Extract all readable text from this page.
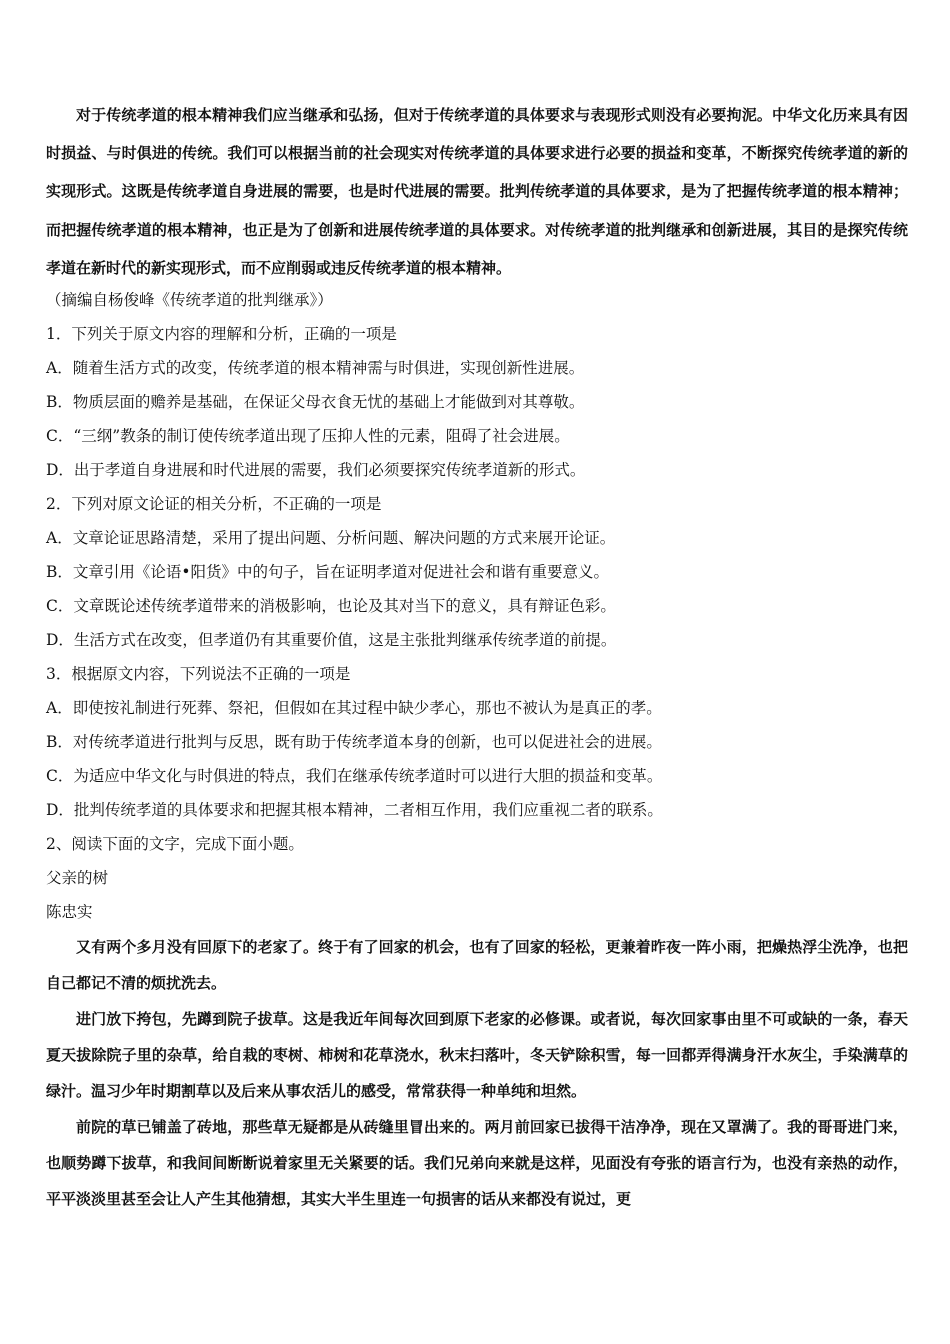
对于传统孝道的根本精神我们应当继承和弘扬，但对于传统孝道的具体要求与表现形式则没有必要拘泥。中华文化历来具有因时损益、与时俱进的传统。我们可以根据当前的社会现实对传统孝道的具体要求进行必要的损益和变革，不断探究传统孝道的新的实现形式。这既是传统孝道自身进展的需要，也是时代进展的需要。批判传统孝道的具体要求，是为了把握传统孝道的根本精神；而把握传统孝道的根本精神，也正是为了创新和进展传统孝道的具体要求。对传统孝道的批判继承和创新进展，其目的是探究传统孝道在新时代的新实现形式，而不应削弱或违反传统孝道的根本精神。

（摘编自杨俊峰《传统孝道的批判继承》）

1．下列关于原文内容的理解和分析，正确的一项是

A．随着生活方式的改变，传统孝道的根本精神需与时俱进，实现创新性进展。

B．物质层面的赡养是基础，在保证父母衣食无忧的基础上才能做到对其尊敬。

C．“三纲”教条的制订使传统孝道出现了压抑人性的元素，阻碍了社会进展。

D．出于孝道自身进展和时代进展的需要，我们必须要探究传统孝道新的形式。

2．下列对原文论证的相关分析，不正确的一项是

A．文章论证思路清楚，采用了提出问题、分析问题、解决问题的方式来展开论证。

B．文章引用《论语•阳货》中的句子，旨在证明孝道对促进社会和谐有重要意义。

C．文章既论述传统孝道带来的消极影响，也论及其对当下的意义，具有辩证色彩。

D．生活方式在改变，但孝道仍有其重要价值，这是主张批判继承传统孝道的前提。

3．根据原文内容，下列说法不正确的一项是

A．即使按礼制进行死葬、祭祀，但假如在其过程中缺少孝心，那也不被认为是真正的孝。

B．对传统孝道进行批判与反思，既有助于传统孝道本身的创新，也可以促进社会的进展。

C．为适应中华文化与时俱进的特点，我们在继承传统孝道时可以进行大胆的损益和变革。

D．批判传统孝道的具体要求和把握其根本精神，二者相互作用，我们应重视二者的联系。

2、阅读下面的文字，完成下面小题。

父亲的树

陈忠实

又有两个多月没有回原下的老家了。终于有了回家的机会，也有了回家的轻松，更兼着昨夜一阵小雨，把燥热浮尘洗净，也把自己都记不清的烦扰洗去。

进门放下挎包，先蹲到院子拔草。这是我近年间每次回到原下老家的必修课。或者说，每次回家事由里不可或缺的一条，春天夏天拔除院子里的杂草，给自栽的枣树、柿树和花草浇水，秋末扫落叶，冬天铲除积雪，每一回都弄得满身汗水灰尘，手染满草的绿汁。温习少年时期割草以及后来从事农活儿的感受，常常获得一种单纯和坦然。

前院的草已铺盖了砖地，那些草无疑都是从砖缝里冒出来的。两月前回家已拔得干洁净净，现在又罩满了。我的哥哥进门来，也顺势蹲下拔草，和我间间断断说着家里无关紧要的话。我们兄弟向来就是这样，见面没有夸张的语言行为，也没有亲热的动作，平平淡淡里甚至会让人产生其他猜想，其实大半生里连一句损害的话从来都没有说过，更
